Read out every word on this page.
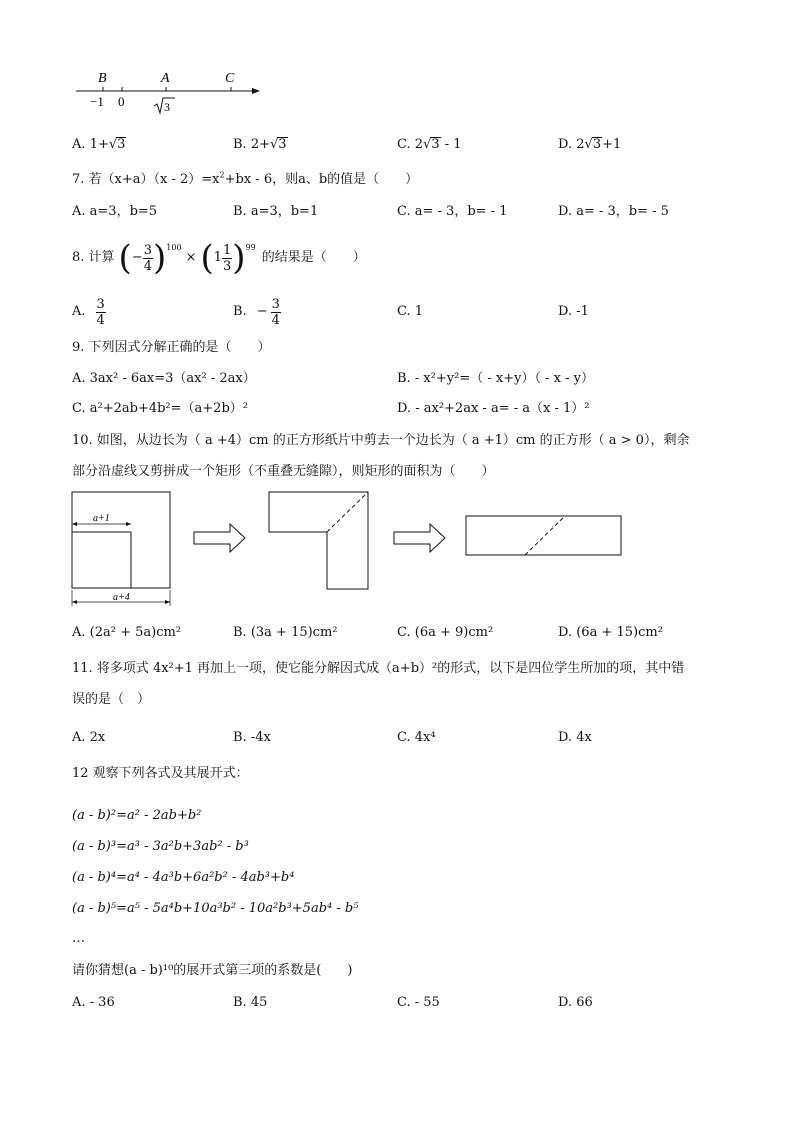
B	A	C
−1 0	3
A. 1+√3	B. 2+√3	C. 2√3 - 1	D. 2√3+1
7. 若$(x+a)(x - 2)=x^2+bx - 6$，则a、b的值是（　　）
A. a=3，b=5	B. a=3，b=1	C. a= - 3，b= - 1	D. a= - 3，b= - 5
8. 计算 ( − $\frac{3}{4}$ ) 100
× ( $1 \frac{1}{3}$ ) 99
的结果是（　　）
A. $\frac{3}{4}$	B. − $\frac{3}{4}$	C. 1	D. -1
9. 下列因式分解正确的是（　　）
A. 3ax² - 6ax=3（ax² - 2ax）	B. - x²+y²=（ - x+y）（ - x - y）
C. a²+2ab+4b²=（a+2b）²	D. - ax²+2ax - a= - a（x - 1）²
10. 如图，从边长为（ a +4）cm 的正方形纸片中剪去一个边长为（ a +1）cm 的正方形（ a > 0），剩余
部分沿虚线又剪拼成一个矩形（不重叠无缝隙），则矩形的面积为（　　）
a+1
a+4
A. (2a² + 5a)cm²	B. (3a + 15)cm²	C. (6a + 9)cm²	D. (6a + 15)cm²
11. 将多项式 4x²+1 再加上一项，使它能分解因式成（a+b）²的形式，以下是四位学生所加的项，其中错
误的是（　）
A. 2x	B. -4x	C. 4x⁴	D. 4x
12 观察下列各式及其展开式：
(a - b)²=a² - 2ab+b²
(a - b)³=a³ - 3a²b+3ab² - b³
(a - b)⁴=a⁴ - 4a³b+6a²b² - 4ab³+b⁴
(a - b)⁵=a⁵ - 5a⁴b+10a³b² - 10a²b³+5ab⁴ - b⁵
…
请你猜想(a - b)¹⁰的展开式第三项的系数是(　　)
A. - 36	B. 45	C. - 55	D. 66
